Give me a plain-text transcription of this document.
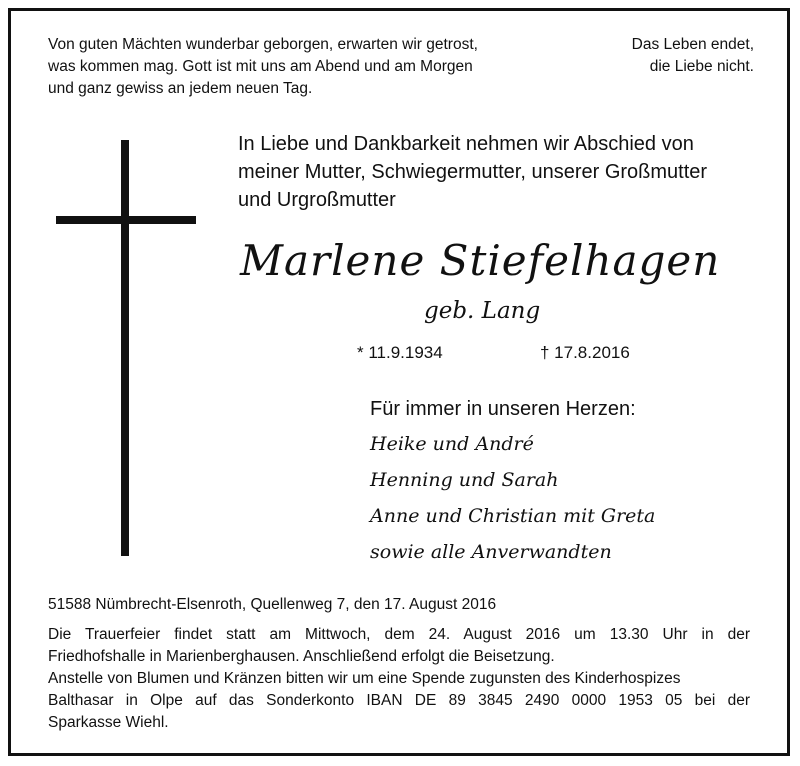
Von guten Mächten wunderbar geborgen, erwarten wir getrost,
was kommen mag. Gott ist mit uns am Abend und am Morgen
und ganz gewiss an jedem neuen Tag.
Das Leben endet,
die Liebe nicht.
In Liebe und Dankbarkeit nehmen wir Abschied von
meiner Mutter, Schwiegermutter, unserer Großmutter
und Urgroßmutter
Marlene Stiefelhagen
geb. Lang
* 11.9.1934	† 17.8.2016
Für immer in unseren Herzen:
Heike und André
Henning und Sarah
Anne und Christian mit Greta
sowie alle Anverwandten
51588 Nümbrecht-Elsenroth, Quellenweg 7, den 17. August 2016
Die Trauerfeier findet statt am Mittwoch, dem 24. August 2016 um 13.30 Uhr in der
Friedhofshalle in Marienberghausen. Anschließend erfolgt die Beisetzung.
Anstelle von Blumen und Kränzen bitten wir um eine Spende zugunsten des Kinderhospizes
Balthasar in Olpe auf das Sonderkonto IBAN DE 89 3845 2490 0000 1953 05 bei der
Sparkasse Wiehl.
